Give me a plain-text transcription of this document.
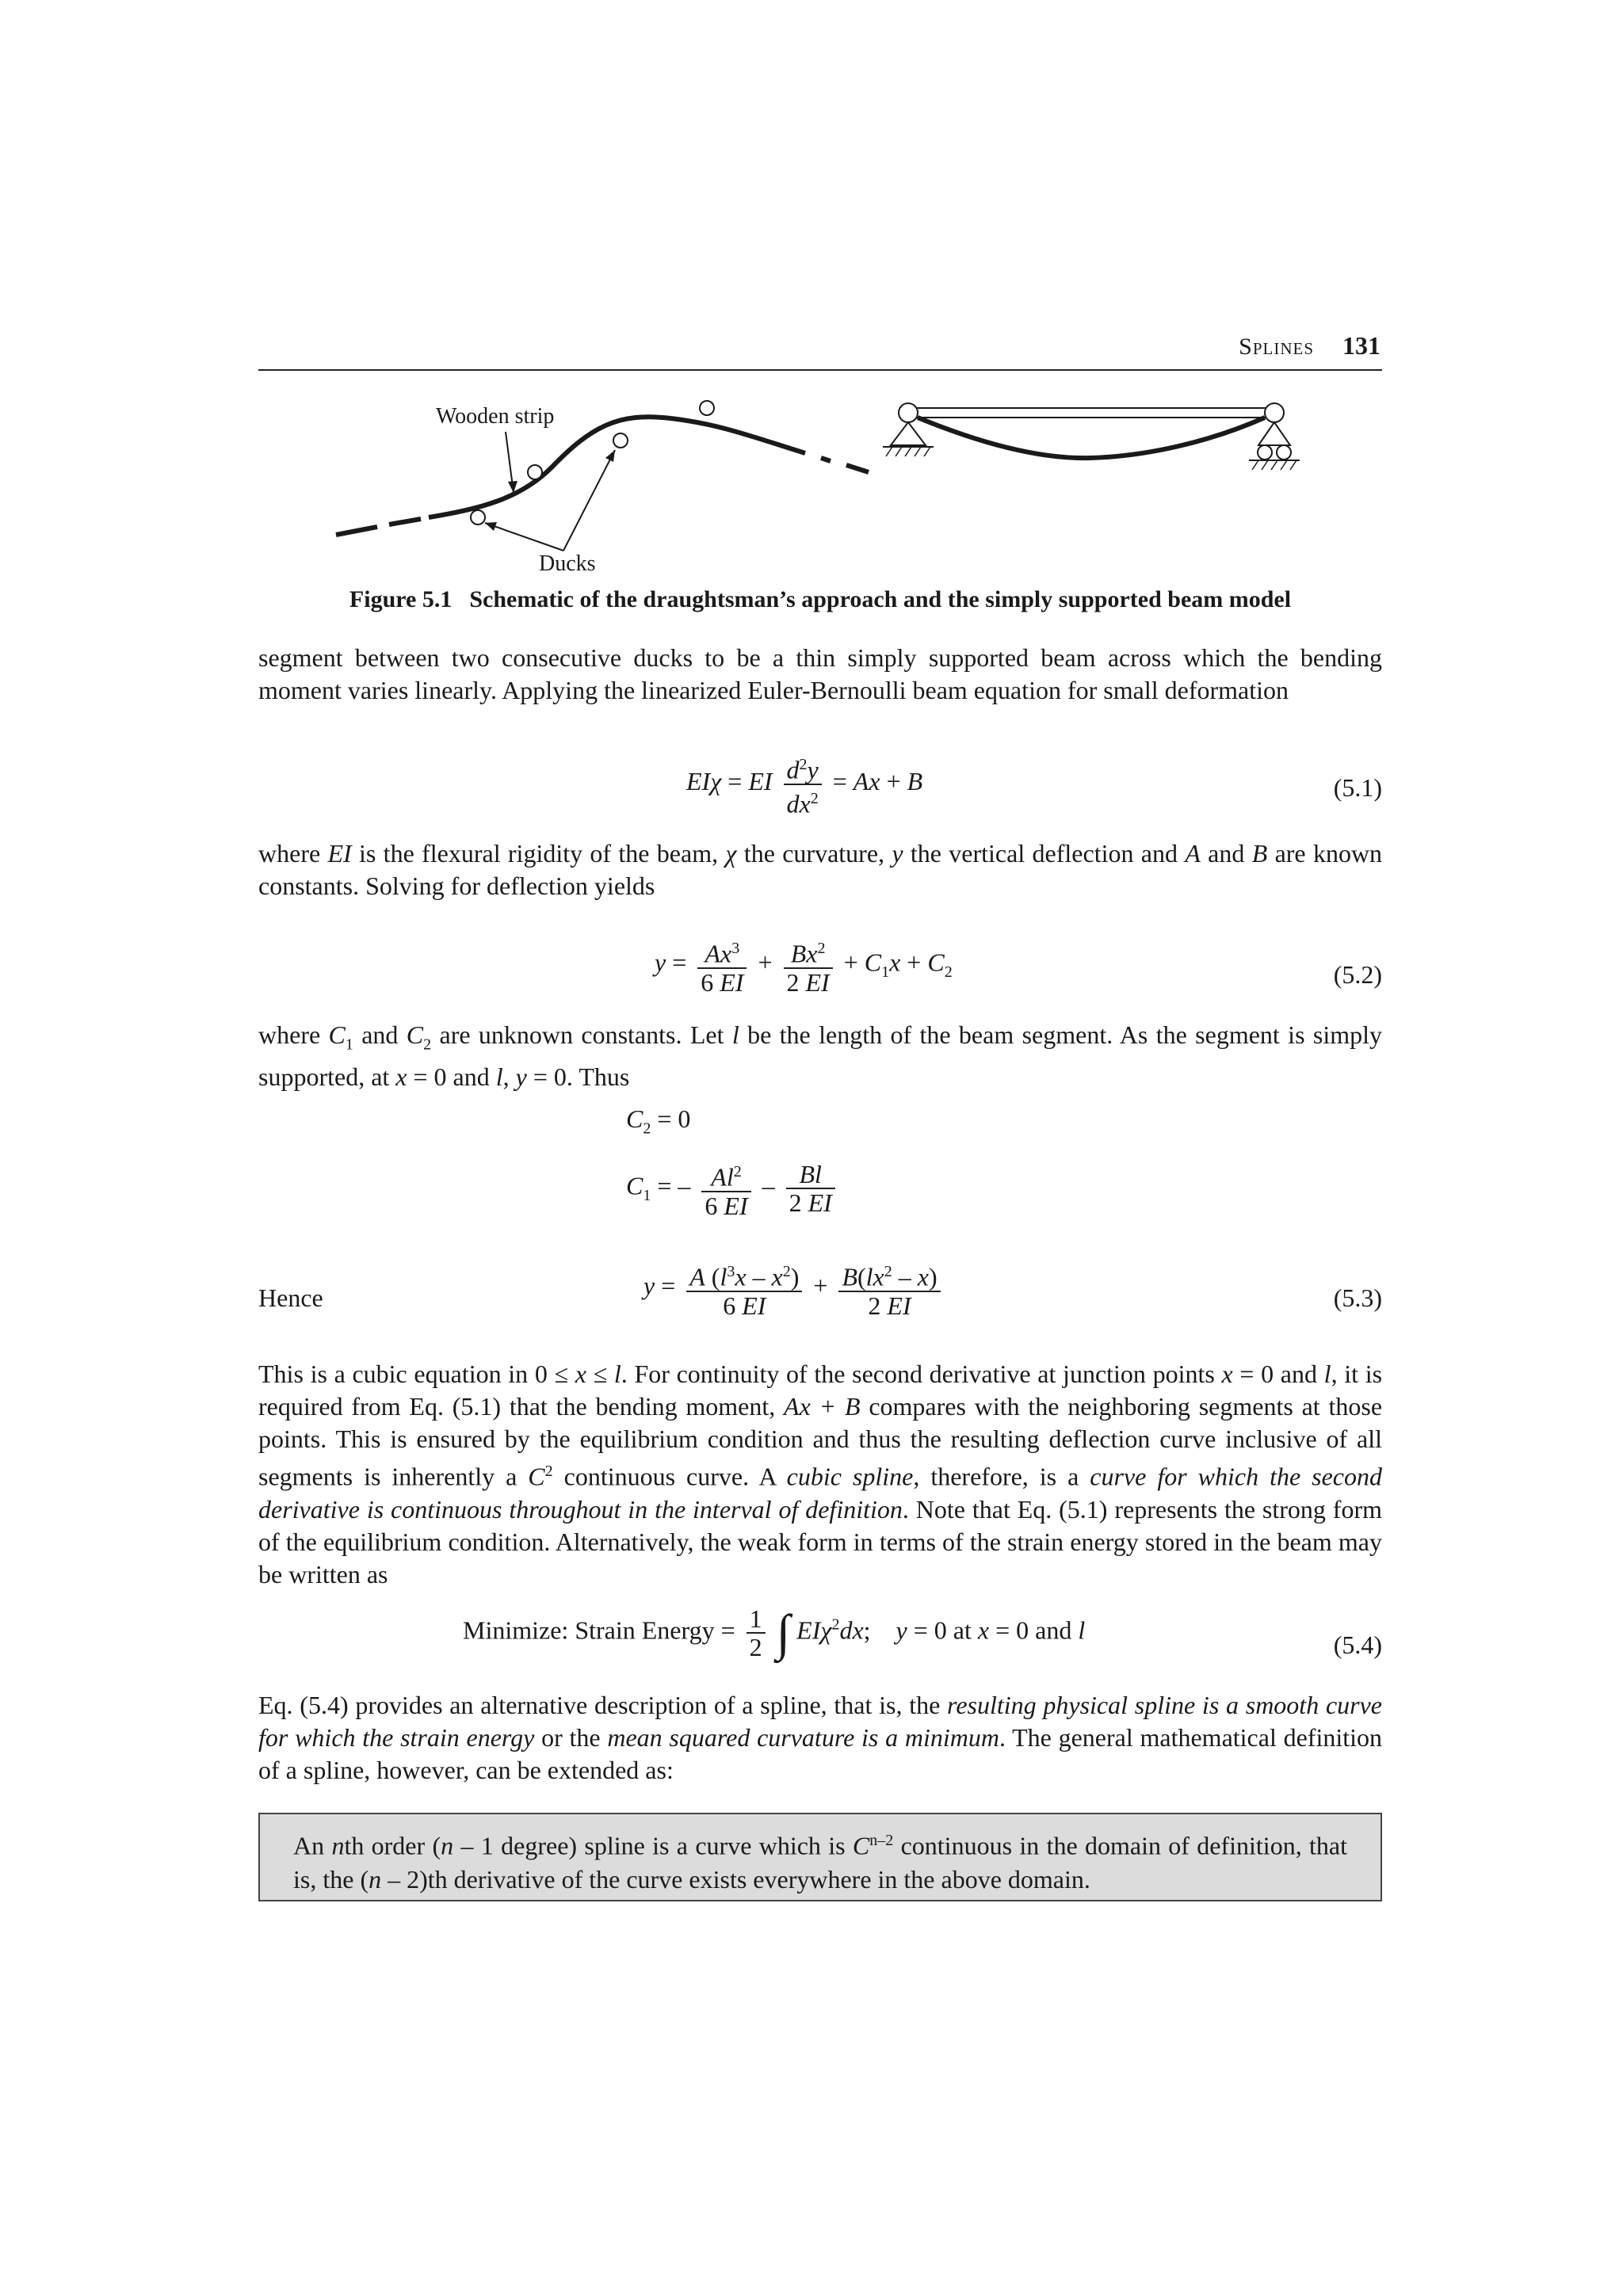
Splines 131
Wooden strip
Ducks
Figure 5.1 Schematic of the draughtsman’s approach and the simply supported beam model

segment between two consecutive ducks to be a thin simply supported beam across which the bending moment varies linearly. Applying the linearized Euler-Bernoulli beam equation for small deformation

EIχ = EI $\frac{d^2y}{dx^2} = Ax + B$	(5.1)

where EI is the flexural rigidity of the beam, χ the curvature, y the vertical deflection and A and B are known constants. Solving for deflection yields

$y = \frac{Ax^3}{6 EI} + \frac{Bx^2}{2 EI} + C_1x + C_2$	(5.2)

where $C_1$ and $C_2$ are unknown constants. Let l be the length of the beam segment. As the segment is simply supported, at x = 0 and l, y = 0. Thus

$C_2 = 0$
$C_1$ = – $\frac{Al^2}{6 EI} - \frac{Bl}{2 EI}$
Hence	$y = \frac{A (l^3x - x^2)}{6 EI} + \frac{B(lx^2 - x)}{2 EI}$	(5.3)

This is a cubic equation in 0 ≤ x ≤ l. For continuity of the second derivative at junction points x = 0 and l, it is required from Eq. (5.1) that the bending moment, Ax + B compares with the neighboring segments at those points. This is ensured by the equilibrium condition and thus the resulting deflection curve inclusive of all segments is inherently a $C^2$ continuous curve. A cubic spline, therefore, is a curve for which the second derivative is continuous throughout in the interval of definition. Note that Eq. (5.1) represents the strong form of the equilibrium condition. Alternatively, the weak form in terms of the strain energy stored in the beam may be written as

Minimize: Strain Energy = $\frac{1}{2}$ ∫ EIχ$^2$dx;    y = 0 at x = 0 and l
(5.4)

Eq. (5.4) provides an alternative description of a spline, that is, the resulting physical spline is a smooth curve for which the strain energy or the mean squared curvature is a minimum. The general mathematical definition of a spline, however, can be extended as:

An nth order (n – 1 degree) spline is a curve which is $C^{n-2}$ continuous in the domain of definition, that is, the (n – 2)th derivative of the curve exists everywhere in the above domain.
